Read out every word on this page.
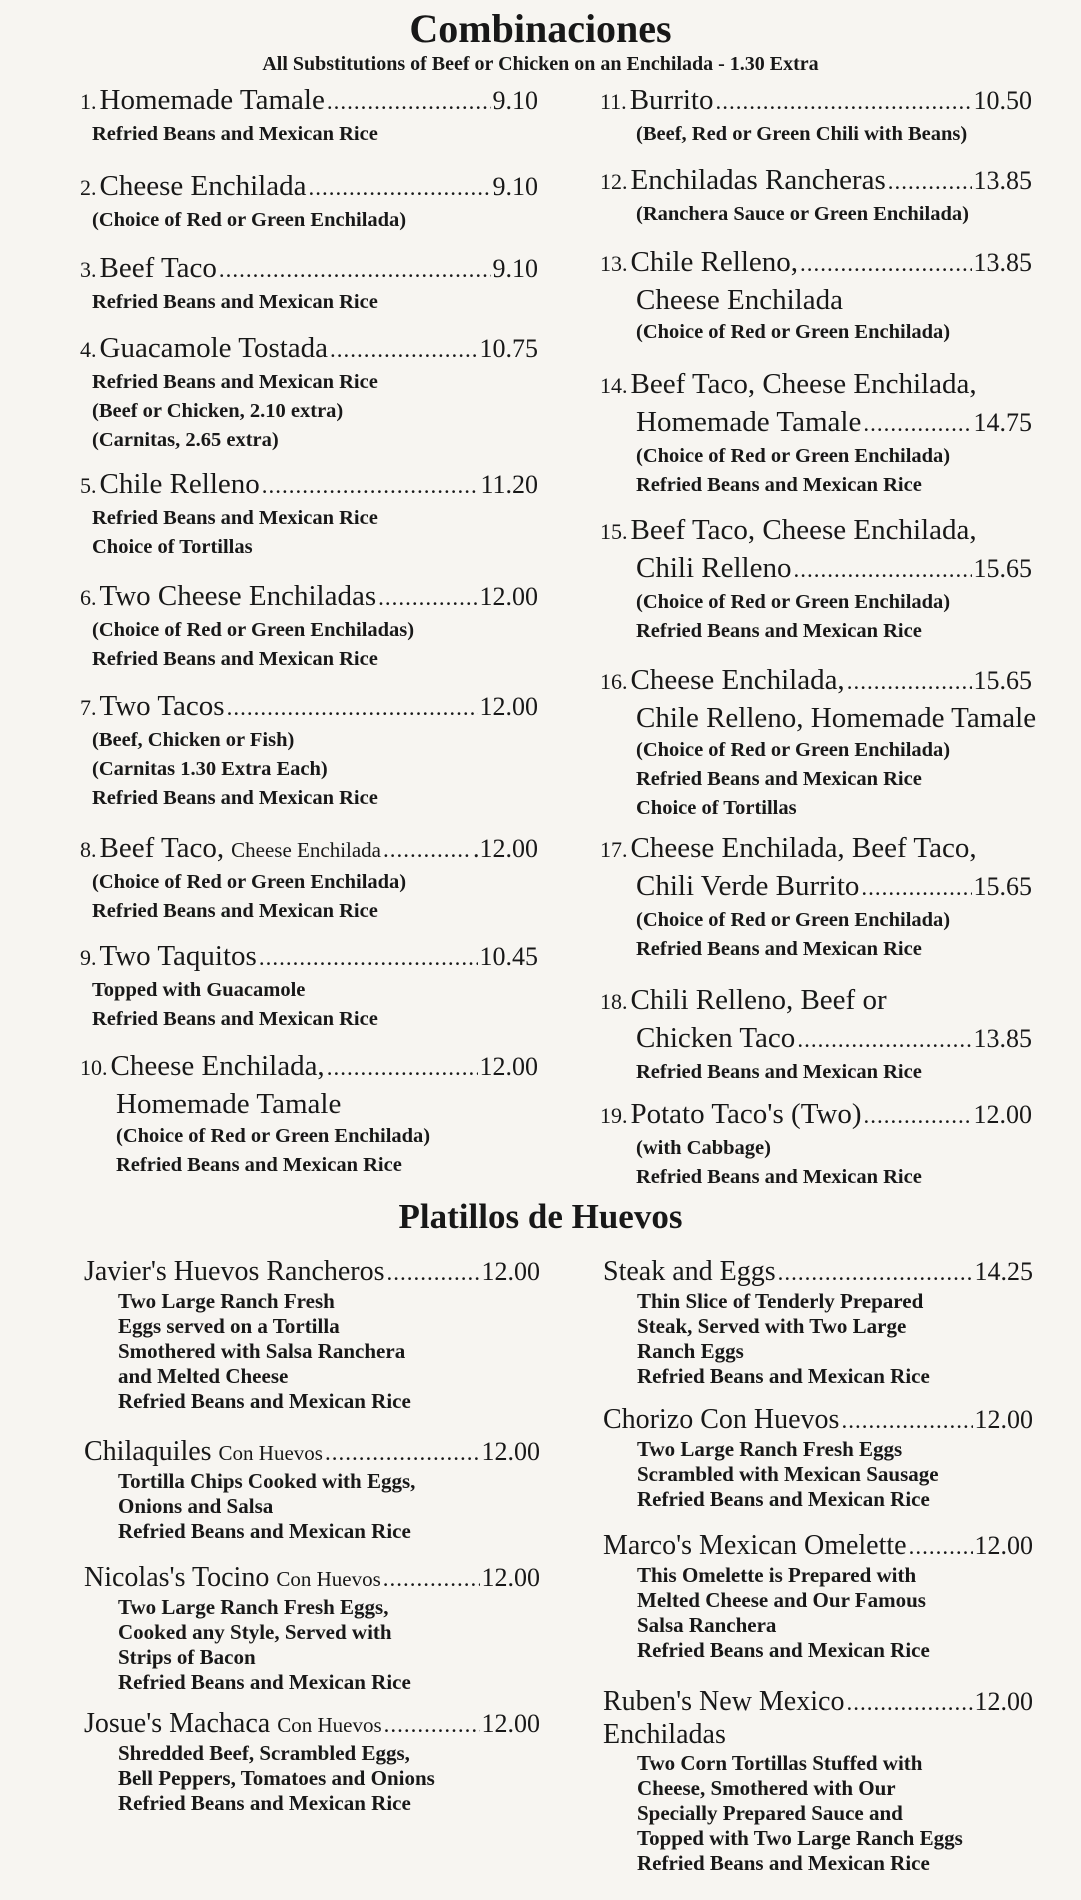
Combinaciones
All Substitutions of Beef or Chicken on an Enchilada - 1.30 Extra
1. Homemade Tamale .....	9.10
Refried Beans and Mexican Rice
2. Cheese Enchilada .....	9.10
(Choice of Red or Green Enchilada)
3. Beef Taco .....	9.10
Refried Beans and Mexican Rice
4. Guacamole Tostada .....	10.75
Refried Beans and Mexican Rice
(Beef or Chicken, 2.10 extra)
(Carnitas, 2.65 extra)
5. Chile Relleno .....	11.20
Refried Beans and Mexican Rice
Choice of Tortillas
6. Two Cheese Enchiladas .....	12.00
(Choice of Red or Green Enchiladas)
Refried Beans and Mexican Rice
7. Two Tacos .....	12.00
(Beef, Chicken or Fish)
(Carnitas 1.30 Extra Each)
Refried Beans and Mexican Rice
8. Beef Taco, Cheese Enchilada .....	.12.00
(Choice of Red or Green Enchilada)
Refried Beans and Mexican Rice
9. Two Taquitos .....	10.45
Topped with Guacamole
Refried Beans and Mexican Rice
10. Cheese Enchilada, .....	12.00
Homemade Tamale
(Choice of Red or Green Enchilada)
Refried Beans and Mexican Rice
11. Burrito .....	10.50
(Beef, Red or Green Chili with Beans)
12. Enchiladas Rancheras .....	13.85
(Ranchera Sauce or Green Enchilada)
13. Chile Relleno, .....	13.85
Cheese Enchilada
(Choice of Red or Green Enchilada)
14. Beef Taco, Cheese Enchilada,
Homemade Tamale .....	14.75
(Choice of Red or Green Enchilada)
Refried Beans and Mexican Rice
15. Beef Taco, Cheese Enchilada,
Chili Relleno .....	15.65
(Choice of Red or Green Enchilada)
Refried Beans and Mexican Rice
16. Cheese Enchilada, .....	15.65
Chile Relleno, Homemade Tamale
(Choice of Red or Green Enchilada)
Refried Beans and Mexican Rice
Choice of Tortillas
17. Cheese Enchilada, Beef Taco,
Chili Verde Burrito .....	15.65
(Choice of Red or Green Enchilada)
Refried Beans and Mexican Rice
18. Chili Relleno, Beef or
Chicken Taco .....	13.85
Refried Beans and Mexican Rice
19. Potato Taco's (Two) .....	12.00
(with Cabbage)
Refried Beans and Mexican Rice
Platillos de Huevos
Javier's Huevos Rancheros .....	12.00
Two Large Ranch Fresh
Eggs served on a Tortilla
Smothered with Salsa Ranchera
and Melted Cheese
Refried Beans and Mexican Rice
Chilaquiles Con Huevos .....	12.00
Tortilla Chips Cooked with Eggs,
Onions and Salsa
Refried Beans and Mexican Rice
Nicolas's Tocino Con Huevos .....	12.00
Two Large Ranch Fresh Eggs,
Cooked any Style, Served with
Strips of Bacon
Refried Beans and Mexican Rice
Josue's Machaca Con Huevos .....	12.00
Shredded Beef, Scrambled Eggs,
Bell Peppers, Tomatoes and Onions
Refried Beans and Mexican Rice
Steak and Eggs .....	14.25
Thin Slice of Tenderly Prepared
Steak, Served with Two Large
Ranch Eggs
Refried Beans and Mexican Rice
Chorizo Con Huevos .....	12.00
Two Large Ranch Fresh Eggs
Scrambled with Mexican Sausage
Refried Beans and Mexican Rice
Marco's Mexican Omelette .....	12.00
This Omelette is Prepared with
Melted Cheese and Our Famous
Salsa Ranchera
Refried Beans and Mexican Rice
Ruben's New Mexico .....	12.00
Enchiladas
Two Corn Tortillas Stuffed with
Cheese, Smothered with Our
Specially Prepared Sauce and
Topped with Two Large Ranch Eggs
Refried Beans and Mexican Rice
